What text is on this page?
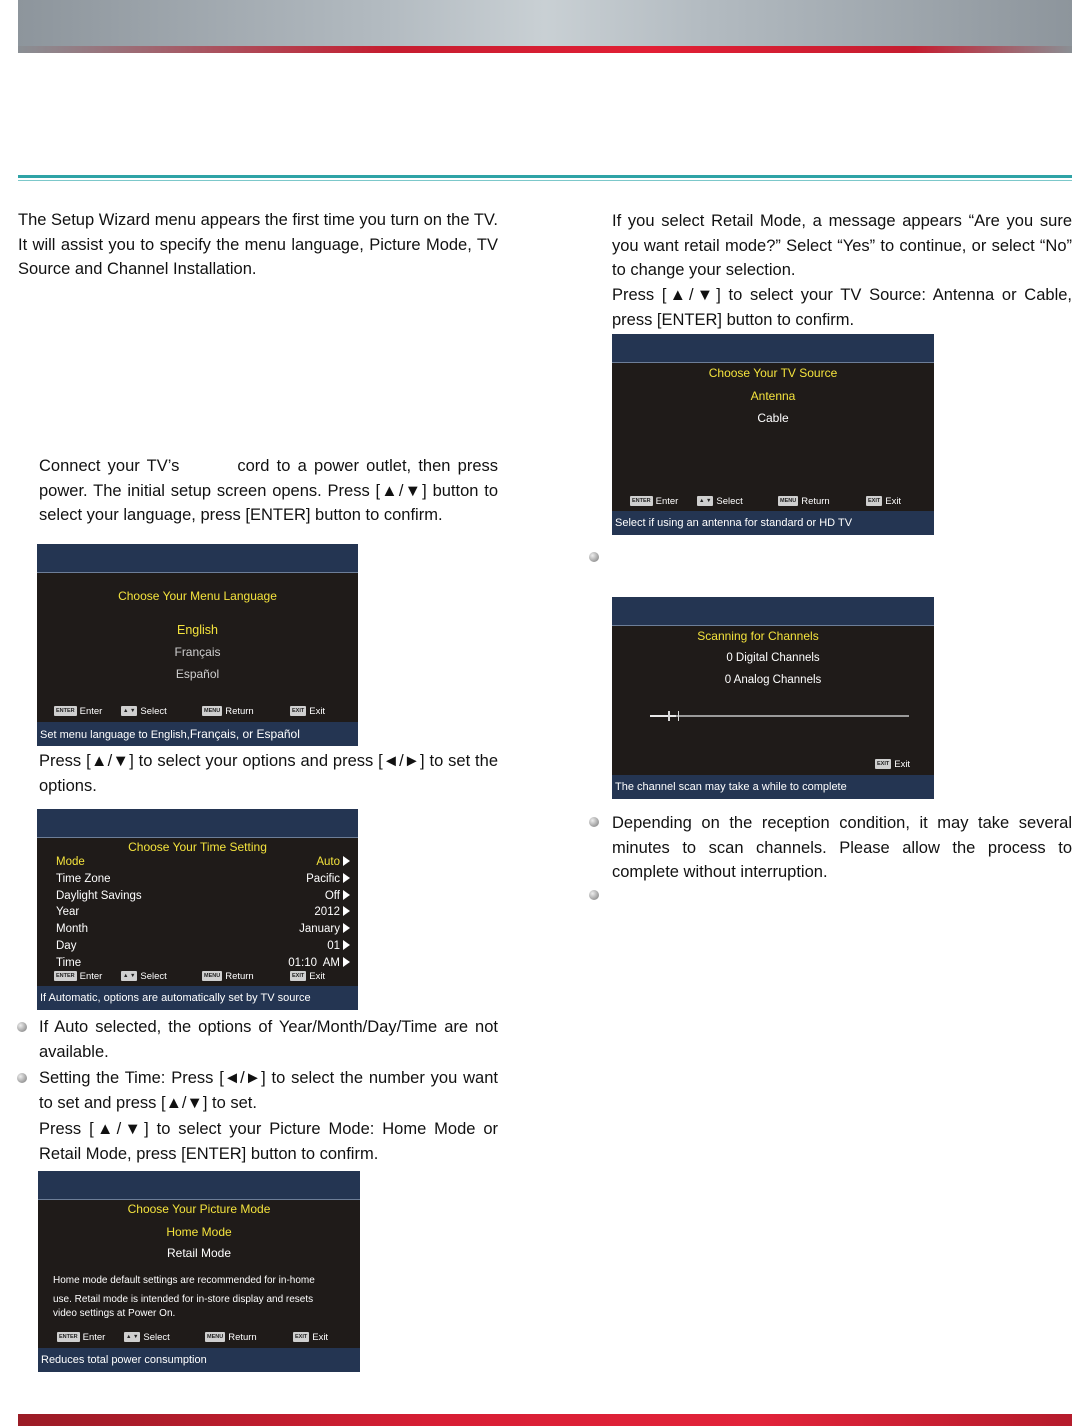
The Setup Wizard menu appears the first time you turn on the TV. It will assist you to specify the menu language, Picture Mode, TV Source and Channel Installation.

Connect your TV’s	cord to a power outlet, then press power. The initial setup screen opens. Press [▲/▼] button to select your language, press [ENTER] button to confirm.

Choose Your Menu Language
English
Français
Español
ENTER Enter	▲ ▼ Select	MENU Return	EXIT Exit
Set menu language to English,Français, or Español

Press [▲/▼] to select your options and press [◄/►] to set the options.

Choose Your Time Setting
Mode	Auto
Time Zone	Pacific
Daylight Savings	Off
Year	2012
Month	January
Day	01
Time	01:10  AM
ENTER Enter	▲ ▼ Select	MENU Return	EXIT Exit
If Automatic, options are automatically set by TV source

If Auto selected, the options of Year/Month/Day/Time are not available.

Setting the Time: Press [◄/►] to select the number you want to set and press [▲/▼] to set.

Press [▲/▼] to select your Picture Mode: Home Mode or Retail Mode, press [ENTER] button to confirm.

Choose Your Picture Mode
Home Mode
Retail Mode
Home mode default settings are recommended for in-home
use. Retail mode is intended for in-store display and resets
video settings at Power On.
ENTER Enter	▲ ▼ Select	MENU Return	EXIT Exit
Reduces total power consumption

If you select Retail Mode, a message appears “Are you sure you want retail mode?” Select “Yes” to continue, or select “No” to change your selection.

Press [▲/▼] to select your TV Source: Antenna or Cable, press [ENTER] button to confirm.

Choose Your TV Source
Antenna
Cable
ENTER Enter	▲ ▼ Select	MENU Return	EXIT Exit
Select if using an antenna for standard or HD TV
Scanning for Channels
0 Digital Channels
0 Analog Channels
EXIT Exit
The channel scan may take a while to complete

Depending on the reception condition, it may take several minutes to scan channels. Please allow the process to complete without interruption.
